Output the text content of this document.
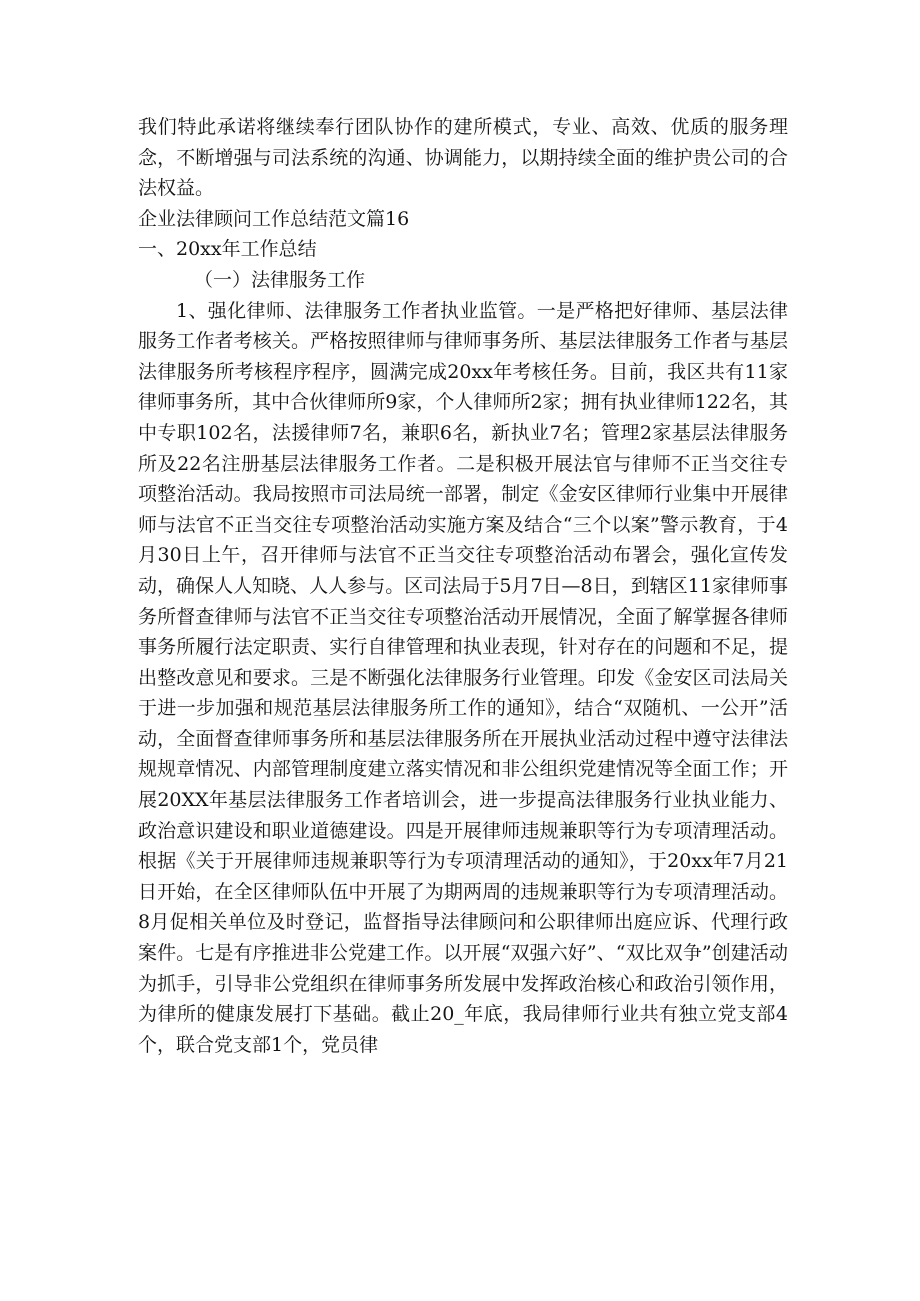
我们特此承诺将继续奉行团队协作的建所模式，专业、高效、优质的服务理念，不断增强与司法系统的沟通、协调能力，以期持续全面的维护贵公司的合法权益。

企业法律顾问工作总结范文篇16

一、20xx年工作总结

（一）法律服务工作

1、强化律师、法律服务工作者执业监管。一是严格把好律师、基层法律服务工作者考核关。严格按照律师与律师事务所、基层法律服务工作者与基层法律服务所考核程序程序，圆满完成20xx年考核任务。目前，我区共有11家律师事务所，其中合伙律师所9家，个人律师所2家；拥有执业律师122名，其中专职102名，法援律师7名，兼职6名，新执业7名；管理2家基层法律服务所及22名注册基层法律服务工作者。二是积极开展法官与律师不正当交往专项整治活动。我局按照市司法局统一部署，制定《金安区律师行业集中开展律师与法官不正当交往专项整治活动实施方案及结合“三个以案”警示教育，于4月30日上午，召开律师与法官不正当交往专项整治活动布署会，强化宣传发动，确保人人知晓、人人参与。区司法局于5月7日—8日，到辖区11家律师事务所督查律师与法官不正当交往专项整治活动开展情况，全面了解掌握各律师事务所履行法定职责、实行自律管理和执业表现，针对存在的问题和不足，提出整改意见和要求。三是不断强化法律服务行业管理。印发《金安区司法局关于进一步加强和规范基层法律服务所工作的通知》，结合“双随机、一公开”活动，全面督查律师事务所和基层法律服务所在开展执业活动过程中遵守法律法规规章情况、内部管理制度建立落实情况和非公组织党建情况等全面工作；开展20XX年基层法律服务工作者培训会，进一步提高法律服务行业执业能力、政治意识建设和职业道德建设。四是开展律师违规兼职等行为专项清理活动。根据《关于开展律师违规兼职等行为专项清理活动的通知》，于20xx年7月21日开始，在全区律师队伍中开展了为期两周的违规兼职等行为专项清理活动。8月促相关单位及时登记，监督指导法律顾问和公职律师出庭应诉、代理行政案件。七是有序推进非公党建工作。以开展“双强六好”、“双比双争”创建活动为抓手，引导非公党组织在律师事务所发展中发挥政治核心和政治引领作用，为律所的健康发展打下基础。截止20_年底，我局律师行业共有独立党支部4个，联合党支部1个，党员律
